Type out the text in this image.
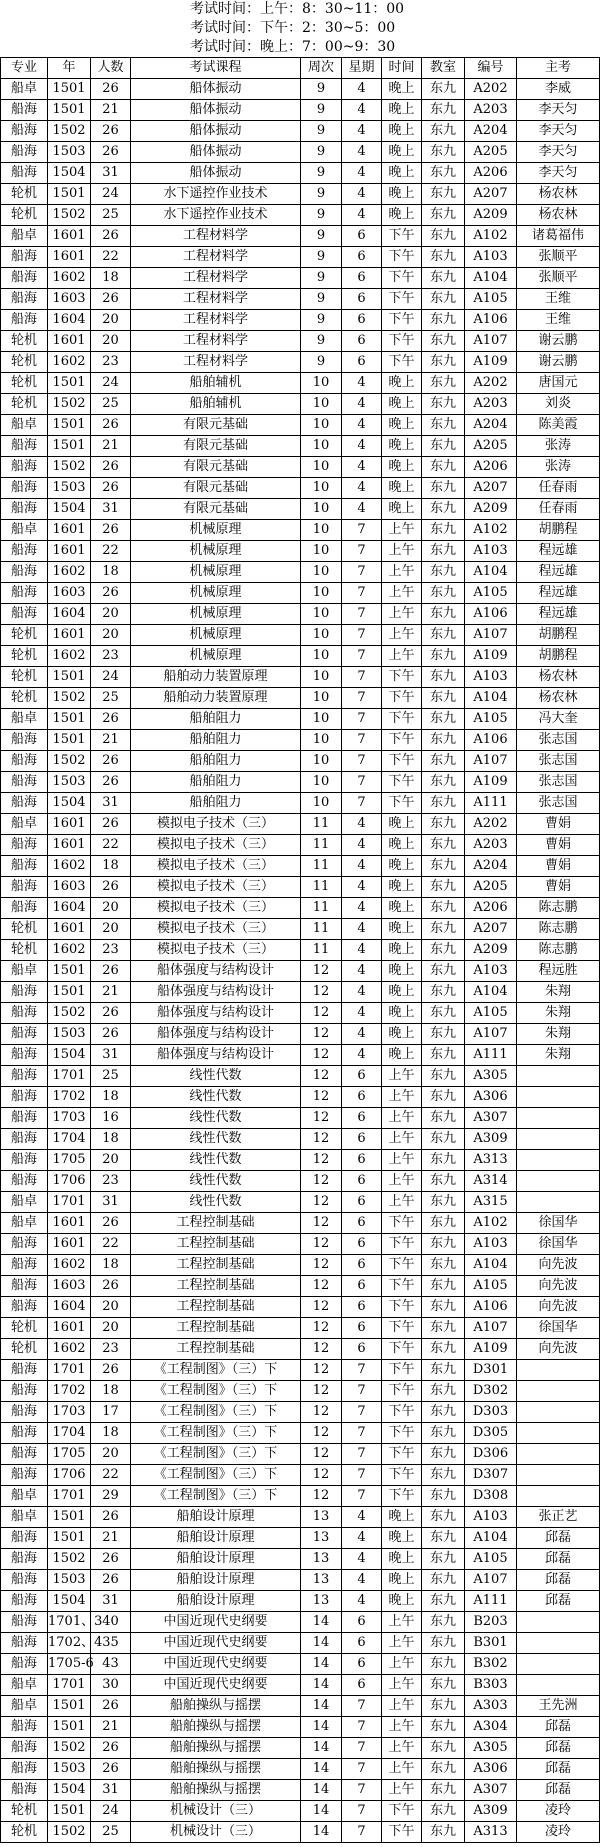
考试时间：上午：8：30~11：00
考试时间：下午：2：30~5：00
考试时间：晚上：7：00~9：30
专业	年	人数	考试课程	周次	星期	时间	教室	编号	主考
船卓	1501	26	船体振动	9	4	晚上	东九	A202	李威
船海	1501	21	船体振动	9	4	晚上	东九	A203	李天匀
船海	1502	26	船体振动	9	4	晚上	东九	A204	李天匀
船海	1503	26	船体振动	9	4	晚上	东九	A205	李天匀
船海	1504	31	船体振动	9	4	晚上	东九	A206	李天匀
轮机	1501	24	水下遥控作业技术	9	4	晚上	东九	A207	杨农林
轮机	1502	25	水下遥控作业技术	9	4	晚上	东九	A209	杨农林
船卓	1601	26	工程材料学	9	6	下午	东九	A102	诸葛福伟
船海	1601	22	工程材料学	9	6	下午	东九	A103	张顺平
船海	1602	18	工程材料学	9	6	下午	东九	A104	张顺平
船海	1603	26	工程材料学	9	6	下午	东九	A105	王维
船海	1604	20	工程材料学	9	6	下午	东九	A106	王维
轮机	1601	20	工程材料学	9	6	下午	东九	A107	谢云鹏
轮机	1602	23	工程材料学	9	6	下午	东九	A109	谢云鹏
轮机	1501	24	船舶辅机	10	4	晚上	东九	A202	唐国元
轮机	1502	25	船舶辅机	10	4	晚上	东九	A203	刘炎
船卓	1501	26	有限元基础	10	4	晚上	东九	A204	陈美霞
船海	1501	21	有限元基础	10	4	晚上	东九	A205	张涛
船海	1502	26	有限元基础	10	4	晚上	东九	A206	张涛
船海	1503	26	有限元基础	10	4	晚上	东九	A207	任春雨
船海	1504	31	有限元基础	10	4	晚上	东九	A209	任春雨
船卓	1601	26	机械原理	10	7	上午	东九	A102	胡鹏程
船海	1601	22	机械原理	10	7	上午	东九	A103	程远雄
船海	1602	18	机械原理	10	7	上午	东九	A104	程远雄
船海	1603	26	机械原理	10	7	上午	东九	A105	程远雄
船海	1604	20	机械原理	10	7	上午	东九	A106	程远雄
轮机	1601	20	机械原理	10	7	上午	东九	A107	胡鹏程
轮机	1602	23	机械原理	10	7	上午	东九	A109	胡鹏程
轮机	1501	24	船舶动力装置原理	10	7	下午	东九	A103	杨农林
轮机	1502	25	船舶动力装置原理	10	7	下午	东九	A104	杨农林
船卓	1501	26	船舶阻力	10	7	下午	东九	A105	冯大奎
船海	1501	21	船舶阻力	10	7	下午	东九	A106	张志国
船海	1502	26	船舶阻力	10	7	下午	东九	A107	张志国
船海	1503	26	船舶阻力	10	7	下午	东九	A109	张志国
船海	1504	31	船舶阻力	10	7	下午	东九	A111	张志国
船卓	1601	26	模拟电子技术（三）	11	4	晚上	东九	A202	曹娟
船海	1601	22	模拟电子技术（三）	11	4	晚上	东九	A203	曹娟
船海	1602	18	模拟电子技术（三）	11	4	晚上	东九	A204	曹娟
船海	1603	26	模拟电子技术（三）	11	4	晚上	东九	A205	曹娟
船海	1604	20	模拟电子技术（三）	11	4	晚上	东九	A206	陈志鹏
轮机	1601	20	模拟电子技术（三）	11	4	晚上	东九	A207	陈志鹏
轮机	1602	23	模拟电子技术（三）	11	4	晚上	东九	A209	陈志鹏
船卓	1501	26	船体强度与结构设计	12	4	晚上	东九	A103	程远胜
船海	1501	21	船体强度与结构设计	12	4	晚上	东九	A104	朱翔
船海	1502	26	船体强度与结构设计	12	4	晚上	东九	A105	朱翔
船海	1503	26	船体强度与结构设计	12	4	晚上	东九	A107	朱翔
船海	1504	31	船体强度与结构设计	12	4	晚上	东九	A111	朱翔
船海	1701	25	线性代数	12	6	上午	东九	A305	
船海	1702	18	线性代数	12	6	上午	东九	A306	
船海	1703	16	线性代数	12	6	上午	东九	A307	
船海	1704	18	线性代数	12	6	上午	东九	A309	
船海	1705	20	线性代数	12	6	上午	东九	A313	
船海	1706	23	线性代数	12	6	上午	东九	A314	
船卓	1701	31	线性代数	12	6	上午	东九	A315	
船卓	1601	26	工程控制基础	12	6	下午	东九	A102	徐国华
船海	1601	22	工程控制基础	12	6	下午	东九	A103	徐国华
船海	1602	18	工程控制基础	12	6	下午	东九	A104	向先波
船海	1603	26	工程控制基础	12	6	下午	东九	A105	向先波
船海	1604	20	工程控制基础	12	6	下午	东九	A106	向先波
轮机	1601	20	工程控制基础	12	6	下午	东九	A107	徐国华
轮机	1602	23	工程控制基础	12	6	下午	东九	A109	向先波
船海	1701	26	《工程制图》（三）下	12	7	下午	东九	D301	
船海	1702	18	《工程制图》（三）下	12	7	下午	东九	D302	
船海	1703	17	《工程制图》（三）下	12	7	下午	东九	D303	
船海	1704	18	《工程制图》（三）下	12	7	下午	东九	D305	
船海	1705	20	《工程制图》（三）下	12	7	下午	东九	D306	
船海	1706	22	《工程制图》（三）下	12	7	下午	东九	D307	
船卓	1701	29	《工程制图》（三）下	12	7	下午	东九	D308	
船卓	1501	26	船舶设计原理	13	4	晚上	东九	A103	张正艺
船海	1501	21	船舶设计原理	13	4	晚上	东九	A104	邱磊
船海	1502	26	船舶设计原理	13	4	晚上	东九	A105	邱磊
船海	1503	26	船舶设计原理	13	4	晚上	东九	A107	邱磊
船海	1504	31	船舶设计原理	13	4	晚上	东九	A111	邱磊
船海	1701、3	40	中国近现代史纲要	14	6	上午	东九	B203	
船海	1702、4	35	中国近现代史纲要	14	6	上午	东九	B301	
船海	1705-6	43	中国近现代史纲要	14	6	上午	东九	B302	
船卓	1701	30	中国近现代史纲要	14	6	上午	东九	B303	
船卓	1501	26	船舶操纵与摇摆	14	7	上午	东九	A303	王先洲
船海	1501	21	船舶操纵与摇摆	14	7	上午	东九	A304	邱磊
船海	1502	26	船舶操纵与摇摆	14	7	上午	东九	A305	邱磊
船海	1503	26	船舶操纵与摇摆	14	7	上午	东九	A306	邱磊
船海	1504	31	船舶操纵与摇摆	14	7	上午	东九	A307	邱磊
轮机	1501	24	机械设计（三）	14	7	下午	东九	A309	凌玲
轮机	1502	25	机械设计（三）	14	7	下午	东九	A313	凌玲
